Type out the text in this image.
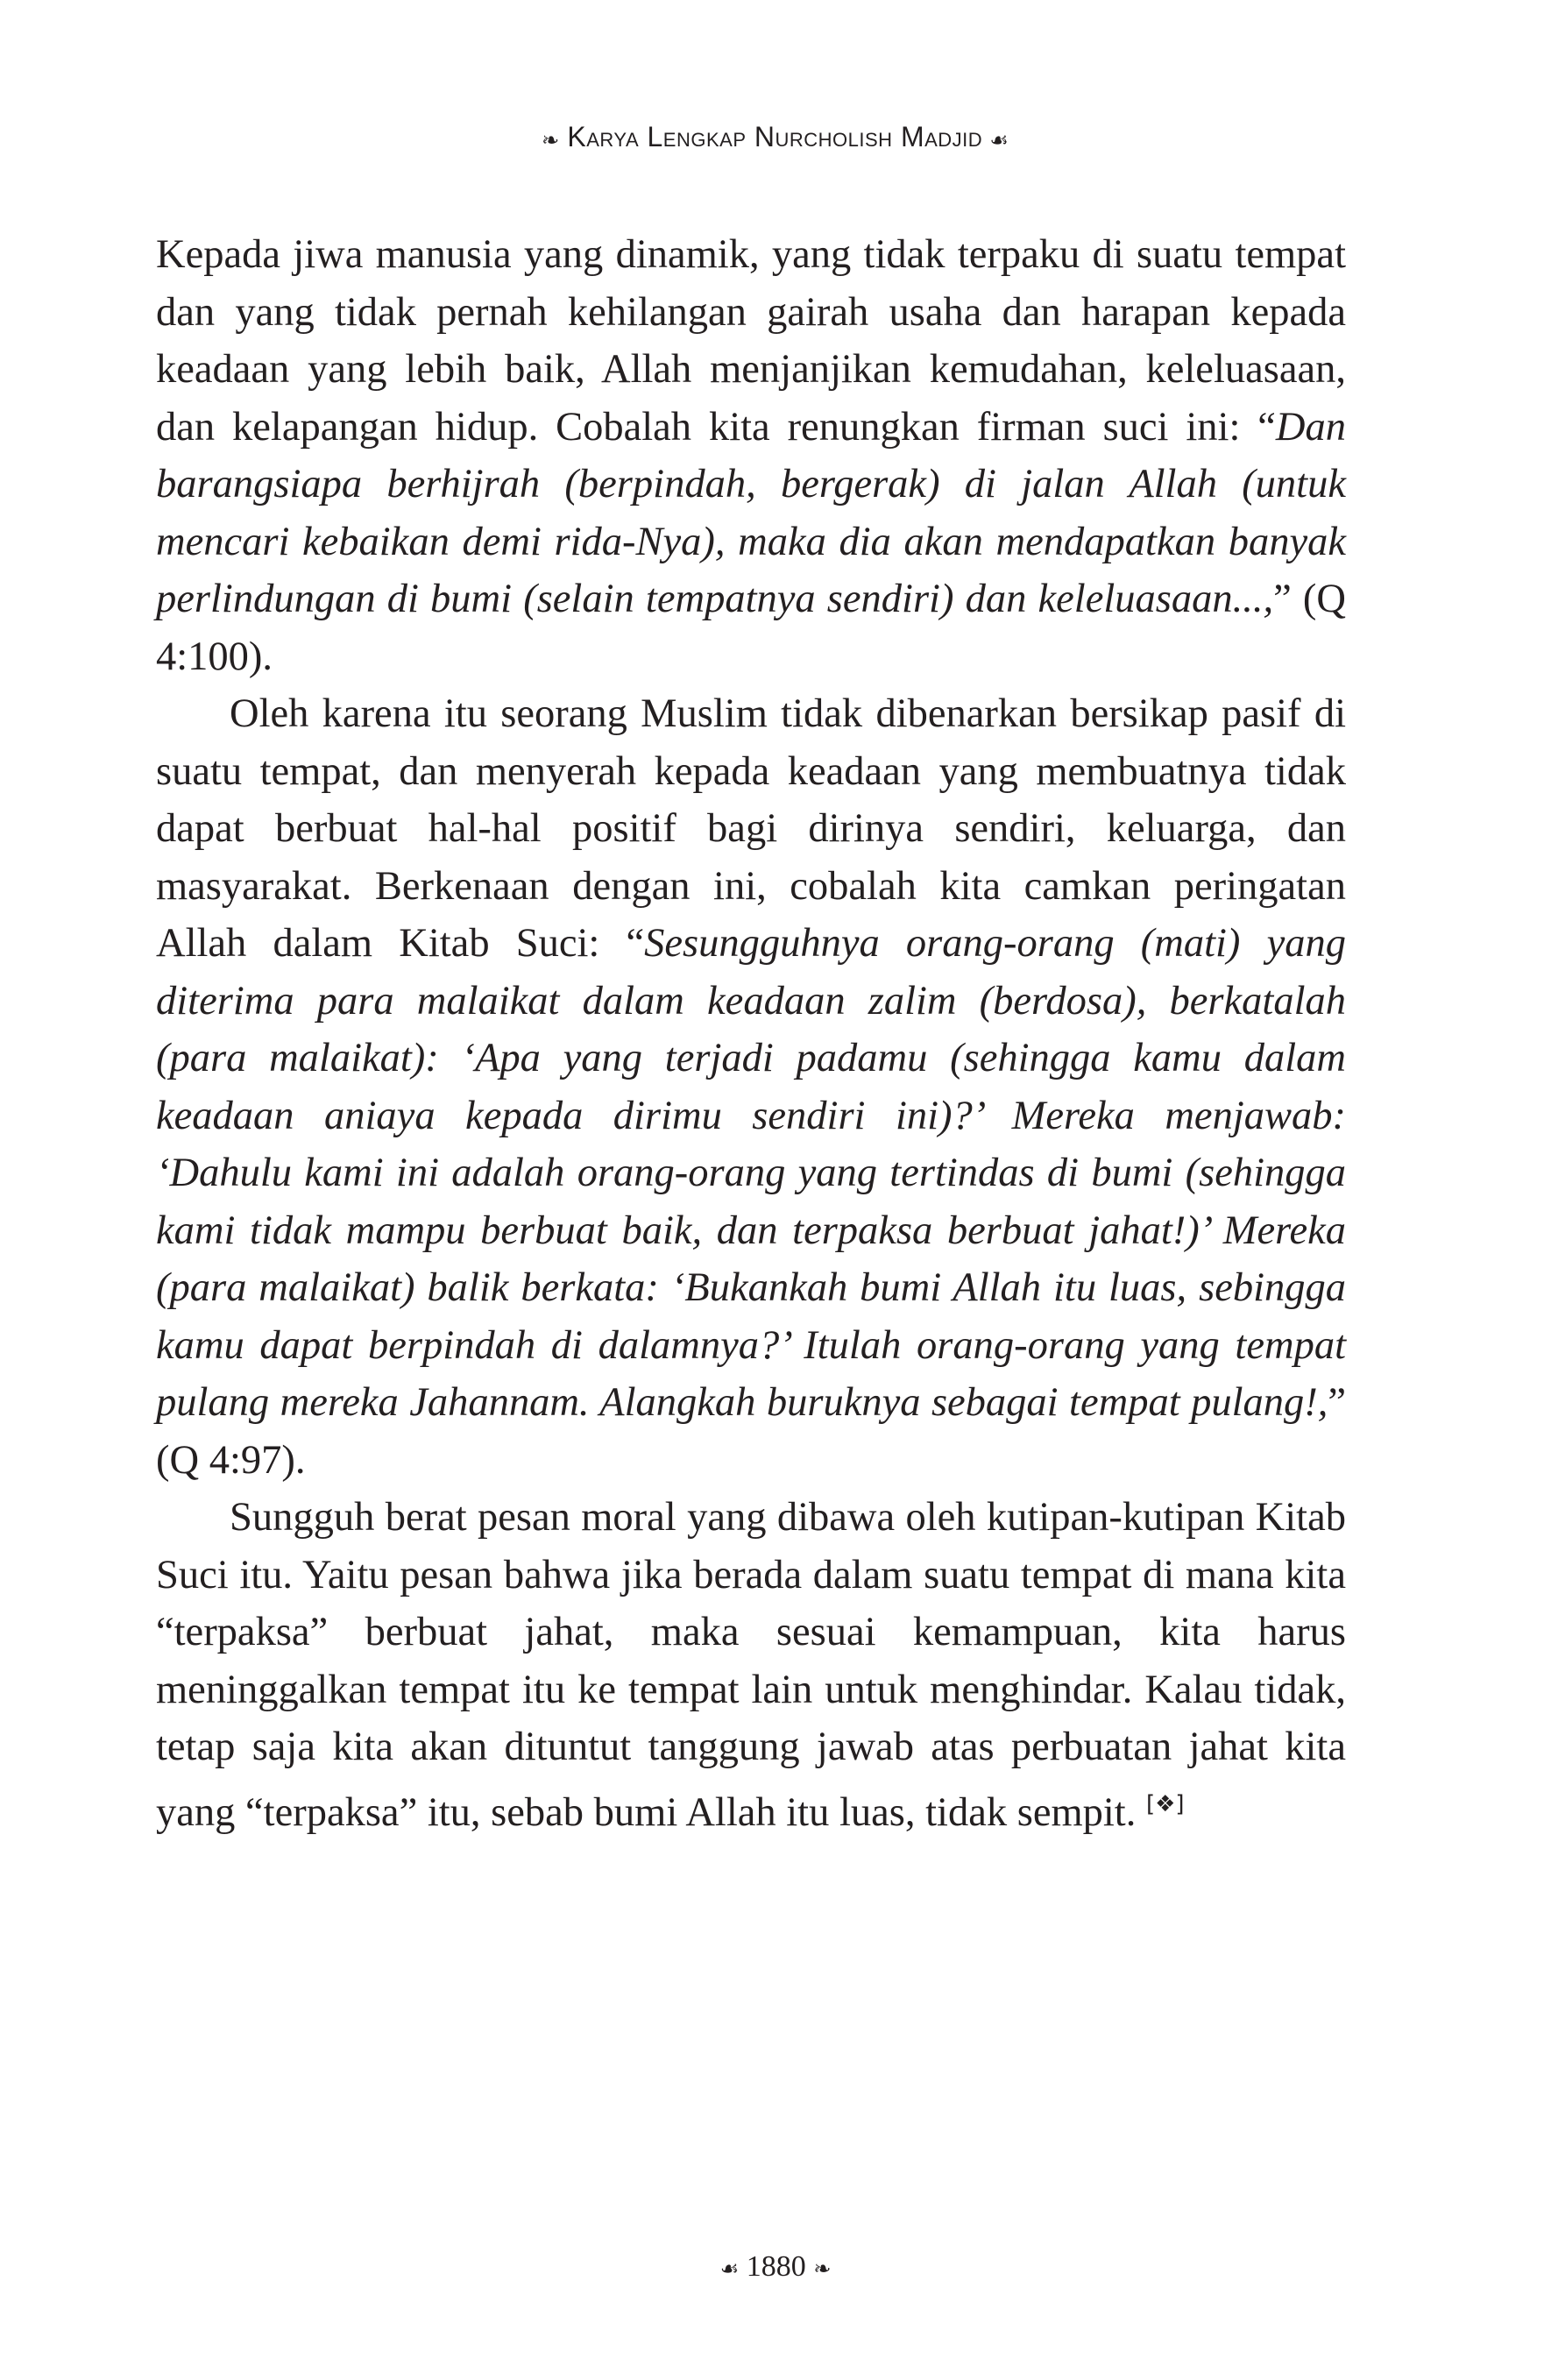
❧ Karya Lengkap Nurcholish Madjid ☙

Kepada jiwa manusia yang dinamik, yang tidak terpaku di suatu tempat dan yang tidak pernah kehilangan gairah usaha dan harapan kepada keadaan yang lebih baik, Allah menjanjikan kemudahan, keleluasaan, dan kelapangan hidup. Cobalah kita renungkan firman suci ini: “Dan barangsiapa berhijrah (berpindah, bergerak) di jalan Allah (untuk mencari kebaikan demi rida-Nya), maka dia akan mendapatkan banyak perlindungan di bumi (selain tempatnya sendiri) dan keleluasaan...,” (Q 4:100).

Oleh karena itu seorang Muslim tidak dibenarkan bersikap pasif di suatu tempat, dan menyerah kepada keadaan yang membuatnya tidak dapat berbuat hal-hal positif bagi dirinya sendiri, keluarga, dan masyarakat. Berkenaan dengan ini, cobalah kita camkan peringatan Allah dalam Kitab Suci: “Sesungguhnya orang-orang (mati) yang diterima para malaikat dalam keadaan zalim (berdosa), berkatalah (para malaikat): ‘Apa yang terjadi padamu (sehingga kamu dalam keadaan aniaya kepada dirimu sendiri ini)?’ Mereka menjawab: ‘Dahulu kami ini adalah orang-orang yang tertindas di bumi (sehingga kami tidak mampu berbuat baik, dan terpaksa berbuat jahat!)’ Mereka (para malaikat) balik berkata: ‘Bukankah bumi Allah itu luas, sebingga kamu dapat berpindah di dalamnya?’ Itulah orang-orang yang tempat pulang mereka Jahannam. Alangkah buruknya sebagai tempat pulang!,” (Q 4:97).

Sungguh berat pesan moral yang dibawa oleh kutipan-kutipan Kitab Suci itu. Yaitu pesan bahwa jika berada dalam suatu tempat di mana kita “terpaksa” berbuat jahat, maka sesuai kemampuan, kita harus meninggalkan tempat itu ke tempat lain untuk menghindar. Kalau tidak, tetap saja kita akan dituntut tanggung jawab atas perbuatan jahat kita yang “terpaksa” itu, sebab bumi Allah itu luas, tidak sempit. [❖]

☙ 1880 ❧
